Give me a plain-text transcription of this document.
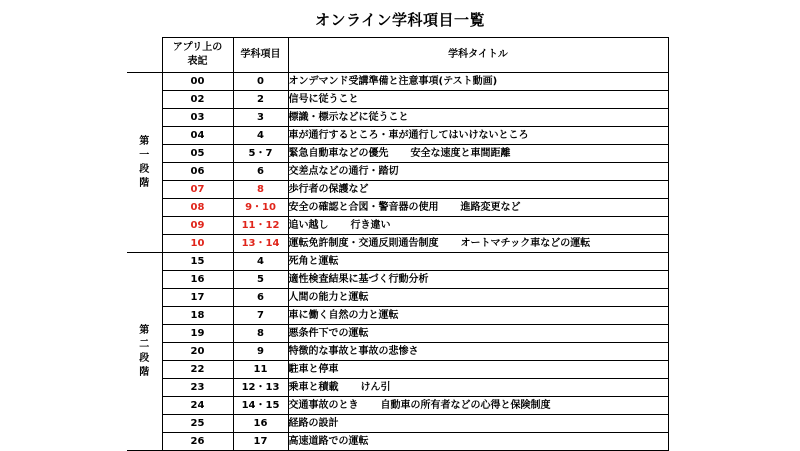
オンライン学科項目一覧
	アプリ上の
表記	学科項目	学科タイトル
第
一
段
階	00	0	オンデマンド受講準備と注意事項(テスト動画)
	02	2	信号に従うこと
	03	3	標識・標示などに従うこと
	04	4	車が通行するところ・車が通行してはいけないところ
	05	5・7	緊急自動車などの優先 安全な速度と車間距離
	06	6	交差点などの通行・踏切
	07	8	歩行者の保護など
	08	9・10	安全の確認と合図・警音器の使用 進路変更など
	09	11・12	追い越し 行き違い
	10	13・14	運転免許制度・交通反則通告制度 オートマチック車などの運転
第
二
段
階	15	4	死角と運転
	16	5	適性検査結果に基づく行動分析
	17	6	人間の能力と運転
	18	7	車に働く自然の力と運転
	19	8	悪条件下での運転
	20	9	特徴的な事故と事故の悲惨さ
	22	11	駐車と停車
	23	12・13	乗車と積載 けん引
	24	14・15	交通事故のとき 自動車の所有者などの心得と保険制度
	25	16	経路の設計
	26	17	高速道路での運転
